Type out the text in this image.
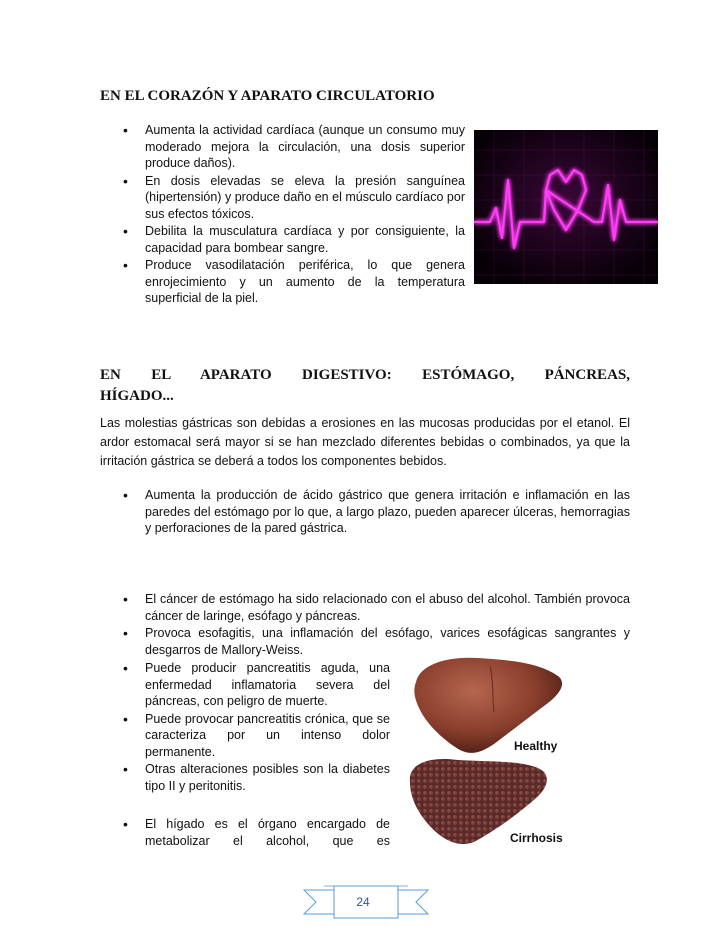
EN EL CORAZÓN Y APARATO CIRCULATORIO
• Aumenta la actividad cardíaca (aunque un consumo muy moderado mejora la circulación, una dosis superior produce daños).
• En dosis elevadas se eleva la presión sanguínea (hipertensión) y produce daño en el músculo cardíaco por sus efectos tóxicos.
• Debilita la musculatura cardíaca y por consiguiente, la capacidad para bombear sangre.
• Produce vasodilatación periférica, lo que genera enrojecimiento y un aumento de la temperatura superficial de la piel.
EN EL APARATO DIGESTIVO: ESTÓMAGO, PÁNCREAS,
HÍGADO...

Las molestias gástricas son debidas a erosiones en las mucosas producidas por el etanol. El ardor estomacal será mayor si se han mezclado diferentes bebidas o combinados, ya que la irritación gástrica se deberá a todos los componentes bebidos.

• Aumenta la producción de ácido gástrico que genera irritación e inflamación en las paredes del estómago por lo que, a largo plazo, pueden aparecer úlceras, hemorragias y perforaciones de la pared gástrica.
• El cáncer de estómago ha sido relacionado con el abuso del alcohol. También provoca cáncer de laringe, esófago y páncreas.
• Provoca esofagitis, una inflamación del esófago, varices esofágicas sangrantes y desgarros de Mallory-Weiss.
• Puede producir pancreatitis aguda, una enfermedad inflamatoria severa del páncreas, con peligro de muerte.
• Puede provocar pancreatitis crónica, que se caracteriza por un intenso dolor permanente.
• Otras alteraciones posibles son la diabetes tipo II y peritonitis.
• El hígado es el órgano encargado de metabolizar el alcohol, que es
Healthy
Cirrhosis
24
